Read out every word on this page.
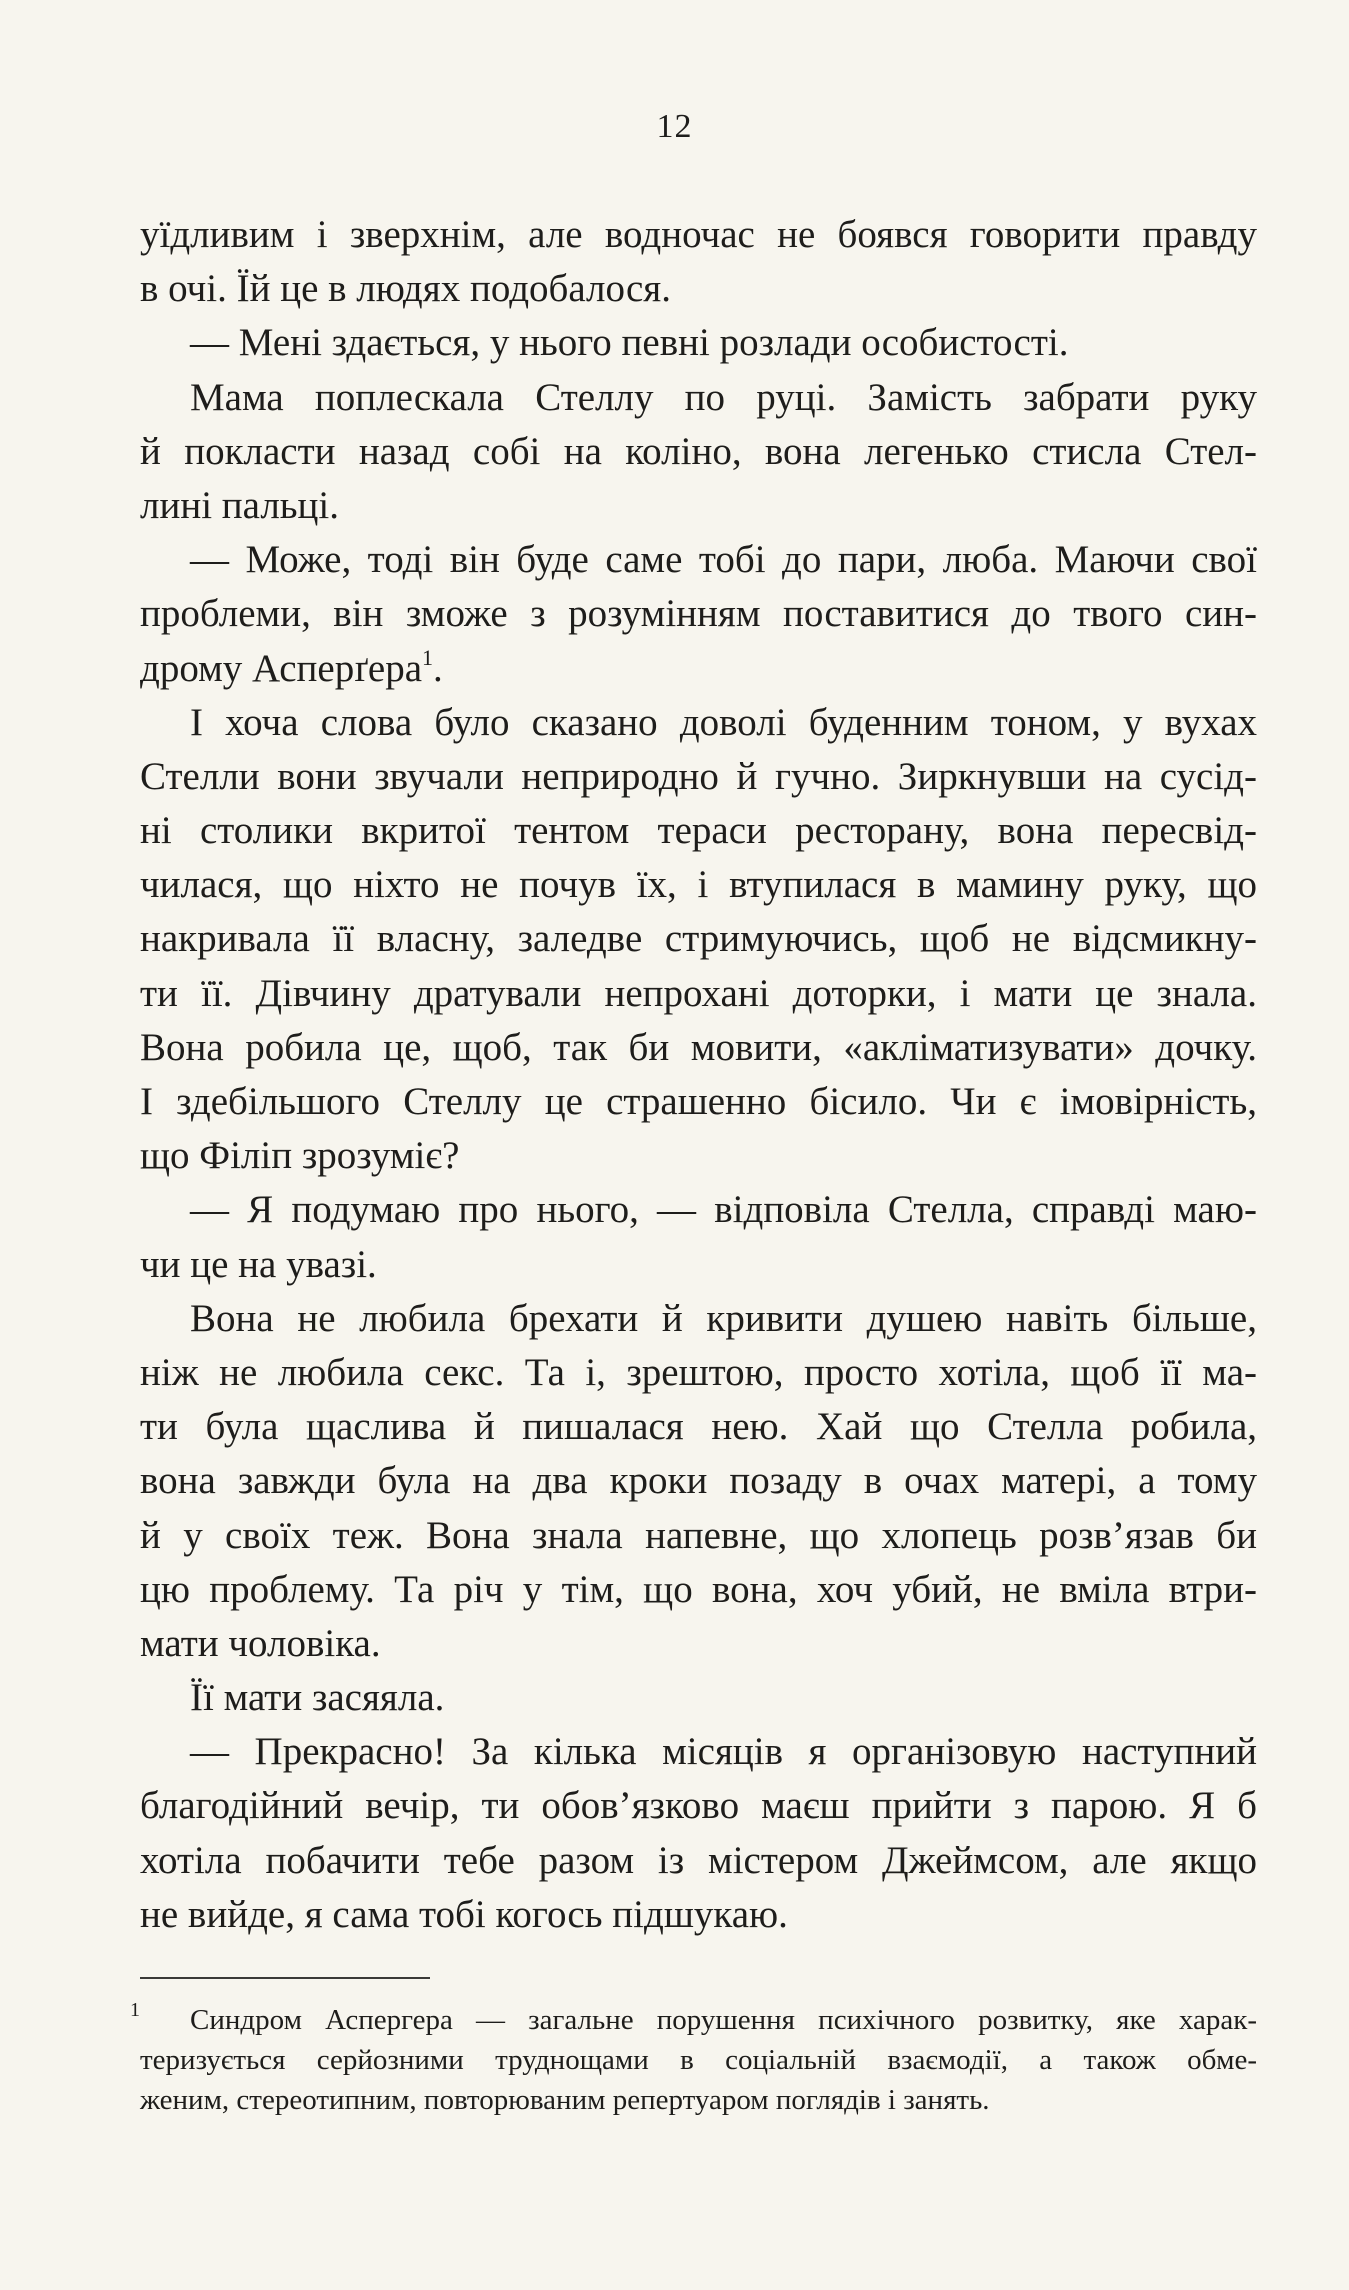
12
уїдливим і зверхнім, але водночас не боявся говорити правду
в очі. Їй це в людях подобалося.
— Мені здається, у нього певні розлади особистості.
Мама поплескала Стеллу по руці. Замість забрати руку
й покласти назад собі на коліно, вона легенько стисла Стел-
лині пальці.
— Може, тоді він буде саме тобі до пари, люба. Маючи свої
проблеми, він зможе з розумінням поставитися до твого син-
дрому Асперґера$^1$.
І хоча слова було сказано доволі буденним тоном, у вухах
Стелли вони звучали неприродно й гучно. Зиркнувши на сусід-
ні столики вкритої тентом тераси ресторану, вона пересвід-
чилася, що ніхто не почув їх, і втупилася в мамину руку, що
накривала її власну, заледве стримуючись, щоб не відсмикну-
ти її. Дівчину дратували непрохані доторки, і мати це знала.
Вона робила це, щоб, так би мовити, «акліматизувати» дочку.
І здебільшого Стеллу це страшенно бісило. Чи є імовірність,
що Філіп зрозуміє?
— Я подумаю про нього, — відповіла Стелла, справді маю-
чи це на увазі.
Вона не любила брехати й кривити душею навіть більше,
ніж не любила секс. Та і, зрештою, просто хотіла, щоб її ма-
ти була щаслива й пишалася нею. Хай що Стелла робила,
вона завжди була на два кроки позаду в очах матері, а тому
й у своїх теж. Вона знала напевне, що хлопець розв’язав би
цю проблему. Та річ у тім, що вона, хоч убий, не вміла втри-
мати чоловіка.
Її мати засяяла.
— Прекрасно! За кілька місяців я організовую наступний
благодійний вечір, ти обов’язково маєш прийти з парою. Я б
хотіла побачити тебе разом із містером Джеймсом, але якщо
не вийде, я сама тобі когось підшукаю.
1	Синдром Аспергера — загальне порушення психічного розвитку, яке харак-
теризується серйозними труднощами в соціальній взаємодії, а також обме-
женим, стереотипним, повторюваним репертуаром поглядів і занять.
